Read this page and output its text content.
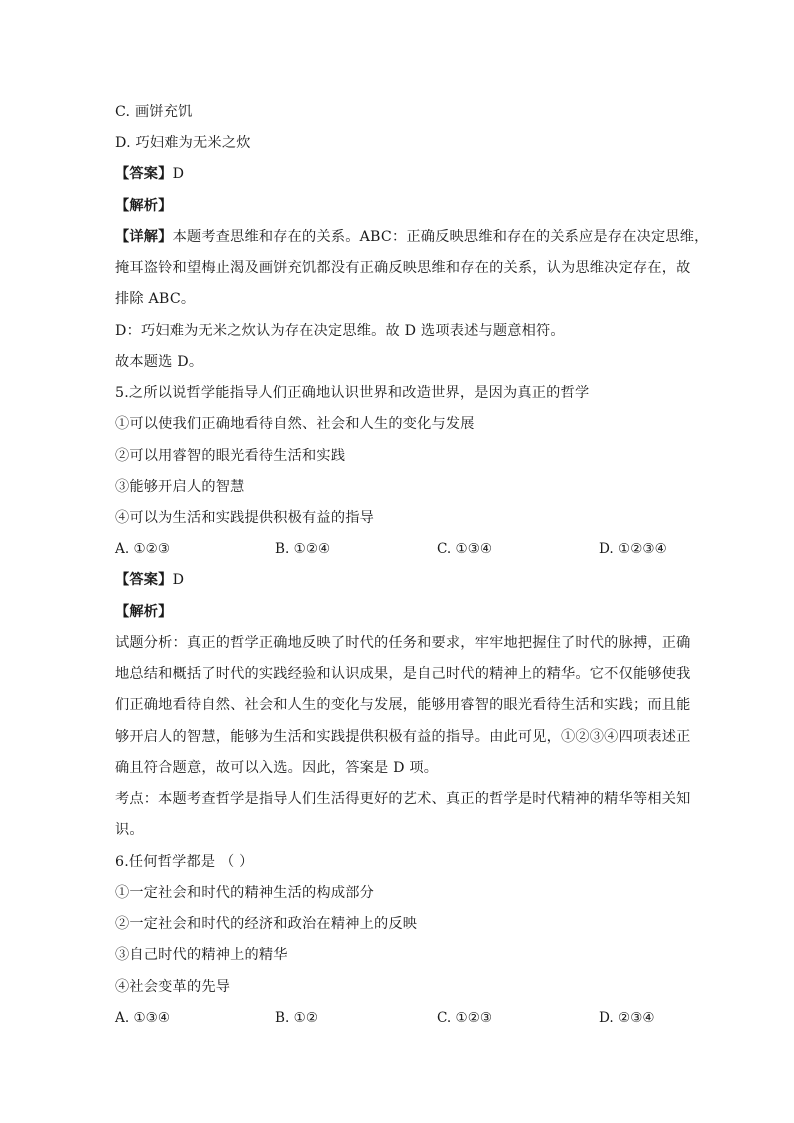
C. 画饼充饥
D. 巧妇难为无米之炊
【答案】D
【解析】
【详解】本题考查思维和存在的关系。ABC：正确反映思维和存在的关系应是存在决定思维，
掩耳盗铃和望梅止渴及画饼充饥都没有正确反映思维和存在的关系，认为思维决定存在，故
排除 ABC。
D：巧妇难为无米之炊认为存在决定思维。故 D 选项表述与题意相符。
故本题选 D。
5.之所以说哲学能指导人们正确地认识世界和改造世界，是因为真正的哲学
①可以使我们正确地看待自然、社会和人生的变化与发展
②可以用睿智的眼光看待生活和实践
③能够开启人的智慧
④可以为生活和实践提供积极有益的指导
A. ①②③	B. ①②④	C. ①③④	D. ①②③④
【答案】D
【解析】
试题分析：真正的哲学正确地反映了时代的任务和要求，牢牢地把握住了时代的脉搏，正确
地总结和概括了时代的实践经验和认识成果，是自己时代的精神上的精华。它不仅能够使我
们正确地看待自然、社会和人生的变化与发展，能够用睿智的眼光看待生活和实践；而且能
够开启人的智慧，能够为生活和实践提供积极有益的指导。由此可见，①②③④四项表述正
确且符合题意，故可以入选。因此，答案是 D 项。
考点：本题考查哲学是指导人们生活得更好的艺术、真正的哲学是时代精神的精华等相关知
识。
6.任何哲学都是 （ ）
①一定社会和时代的精神生活的构成部分
②一定社会和时代的经济和政治在精神上的反映
③自己时代的精神上的精华
④社会变革的先导
A. ①③④	B. ①②	C. ①②③	D. ②③④
